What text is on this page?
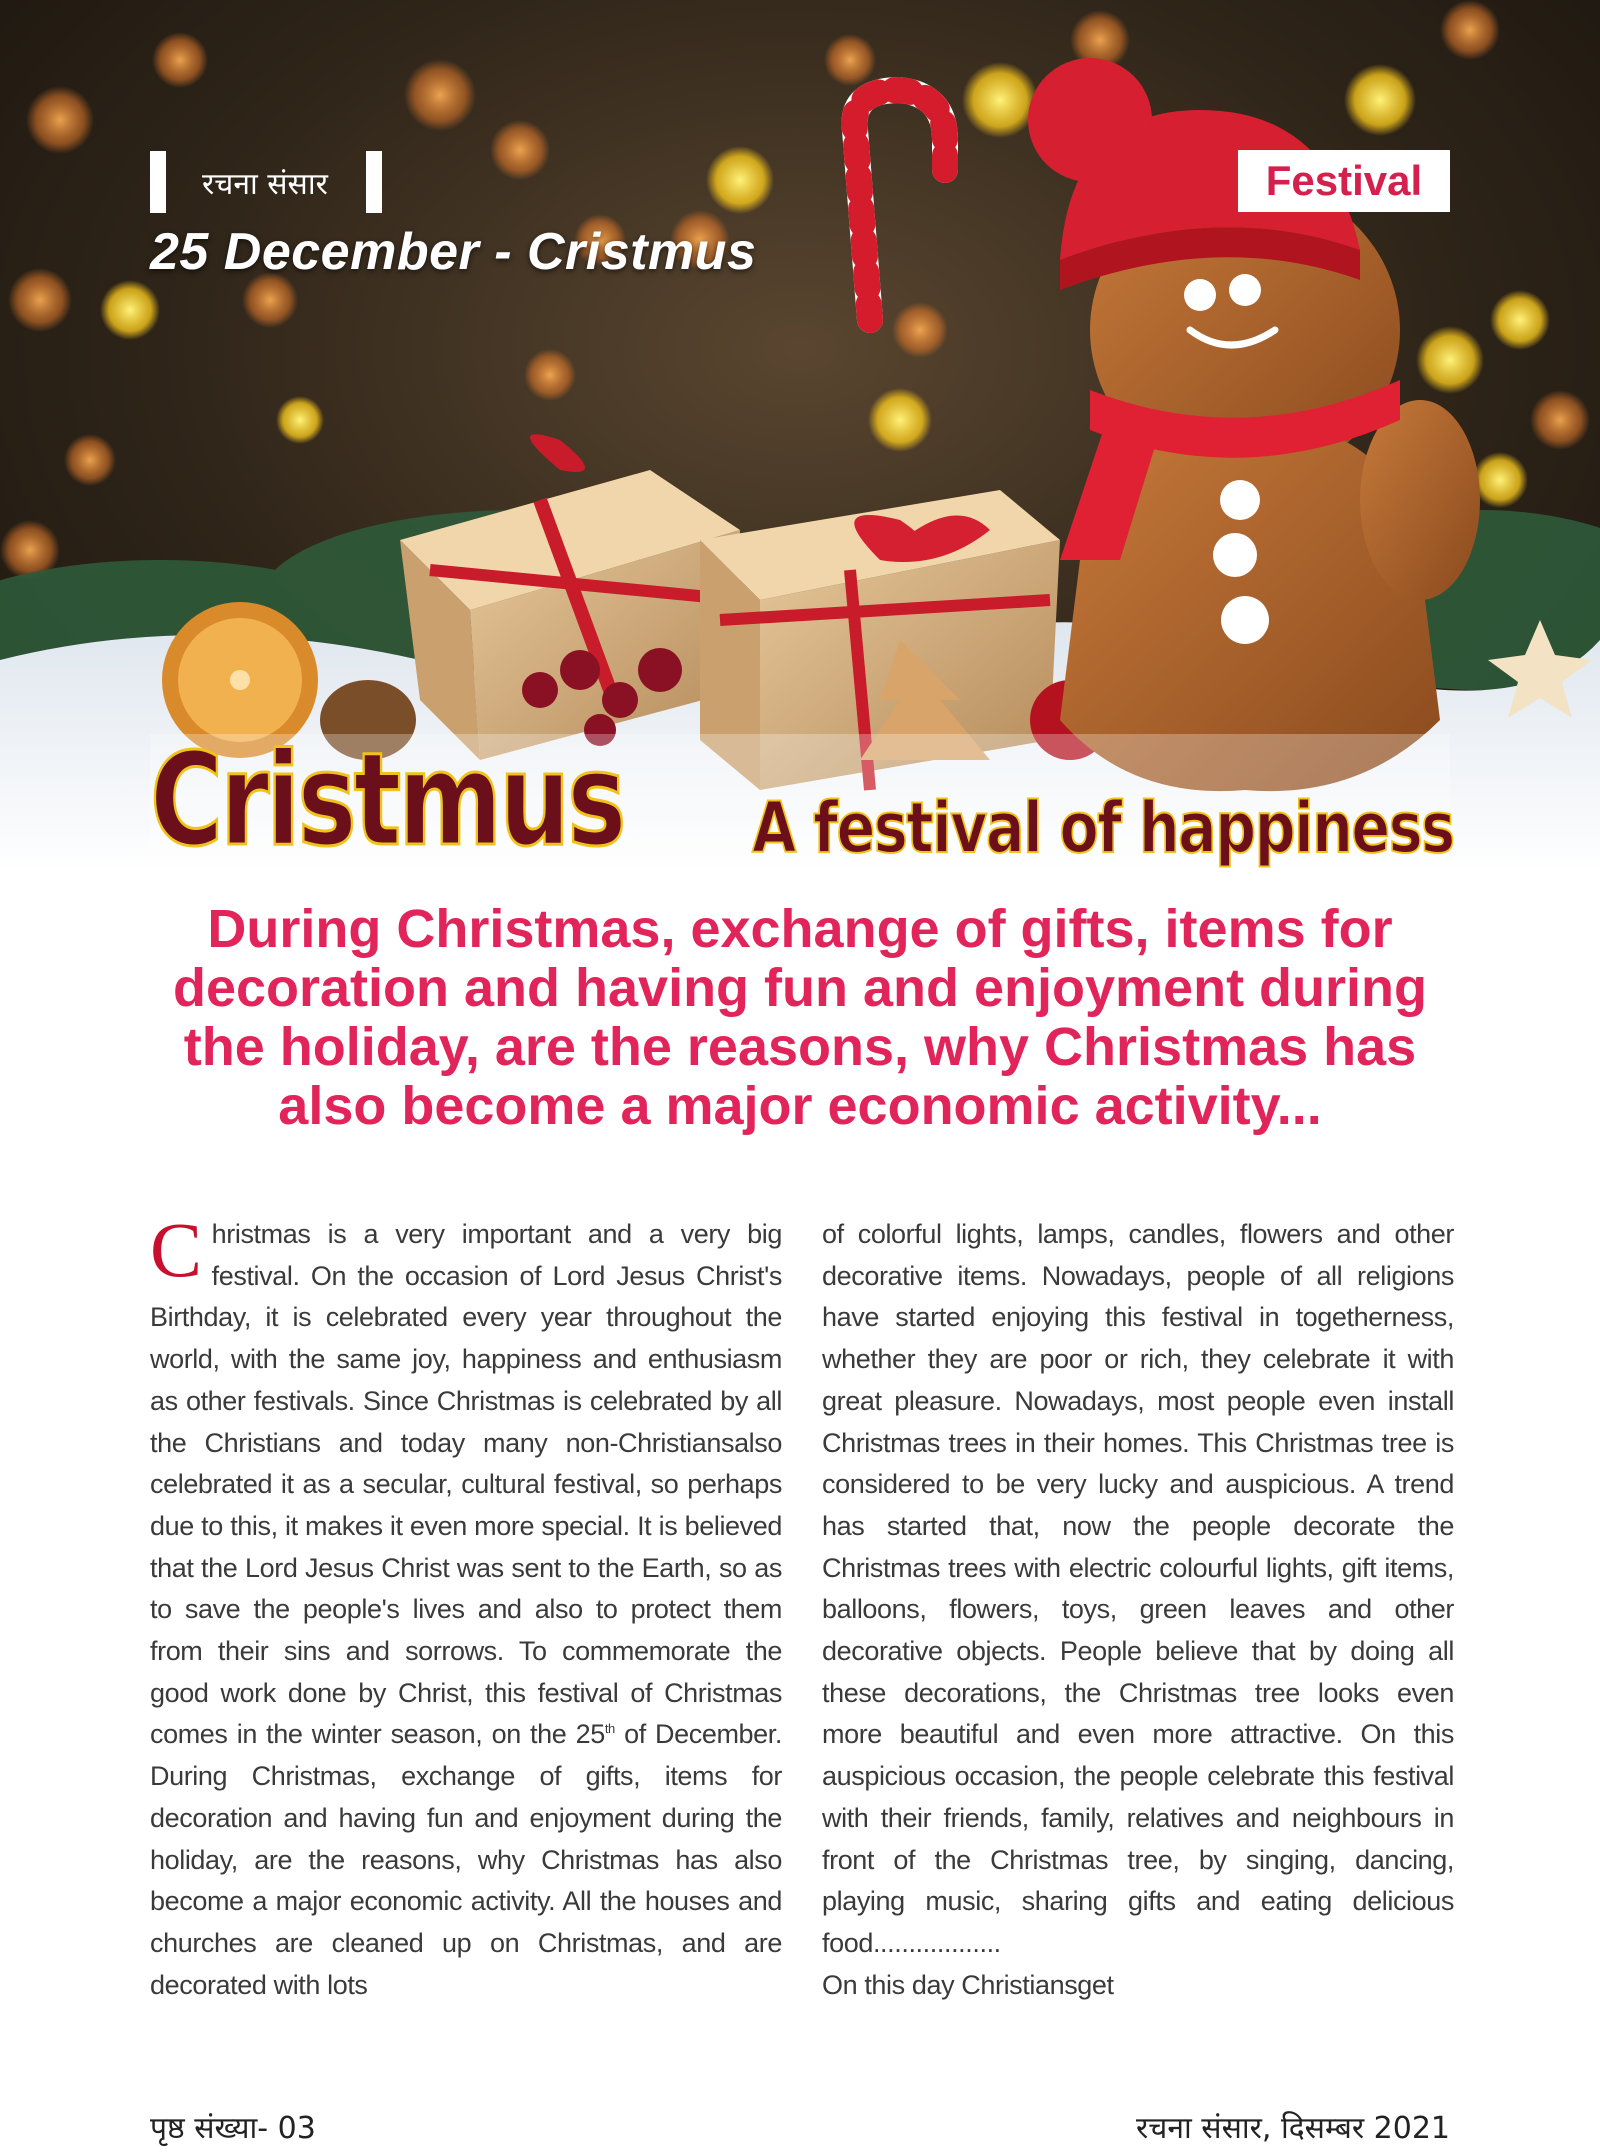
रचना संसार
25 December - Cristmus
Festival
Cristmus A festival of happiness
During Christmas, exchange of gifts, items for decoration and having fun and enjoyment during the holiday, are the reasons, why Christmas has also become a major economic activity...
Christmas is a very important and a very big festival. On the occasion of Lord Jesus Christ's Birthday, it is celebrated every year throughout the world, with the same joy, happiness and enthusiasm as other festivals. Since Christmas is celebrated by all the Christians and today many non-Christiansalso celebrated it as a secular, cultural festival, so perhaps due to this, it makes it even more special. It is believed that the Lord Jesus Christ was sent to the Earth, so as to save the people's lives and also to protect them from their sins and sorrows. To commemorate the good work done by Christ, this festival of Christmas comes in the winter season, on the 25th of December. During Christmas, exchange of gifts, items for decoration and having fun and enjoyment during the holiday, are the reasons, why Christmas has also become a major economic activity. All the houses and churches are cleaned up on Christmas, and are decorated with lots

of colorful lights, lamps, candles, flowers and other decorative items. Nowadays, people of all religions have started enjoying this festival in togetherness, whether they are poor or rich, they celebrate it with great pleasure. Nowadays, most people even install Christmas trees in their homes. This Christmas tree is considered to be very lucky and auspicious. A trend has started that, now the people decorate the Christmas trees with electric colourful lights, gift items, balloons, flowers, toys, green leaves and other decorative objects. People believe that by doing all these decorations, the Christmas tree looks even more beautiful and even more attractive. On this auspicious occasion, the people celebrate this festival with their friends, family, relatives and neighbours in front of the Christmas tree, by singing, dancing, playing music, sharing gifts and eating delicious food..................

On this day Christiansget

पृष्ठ संख्या- 03	रचना संसार, दिसम्बर 2021
